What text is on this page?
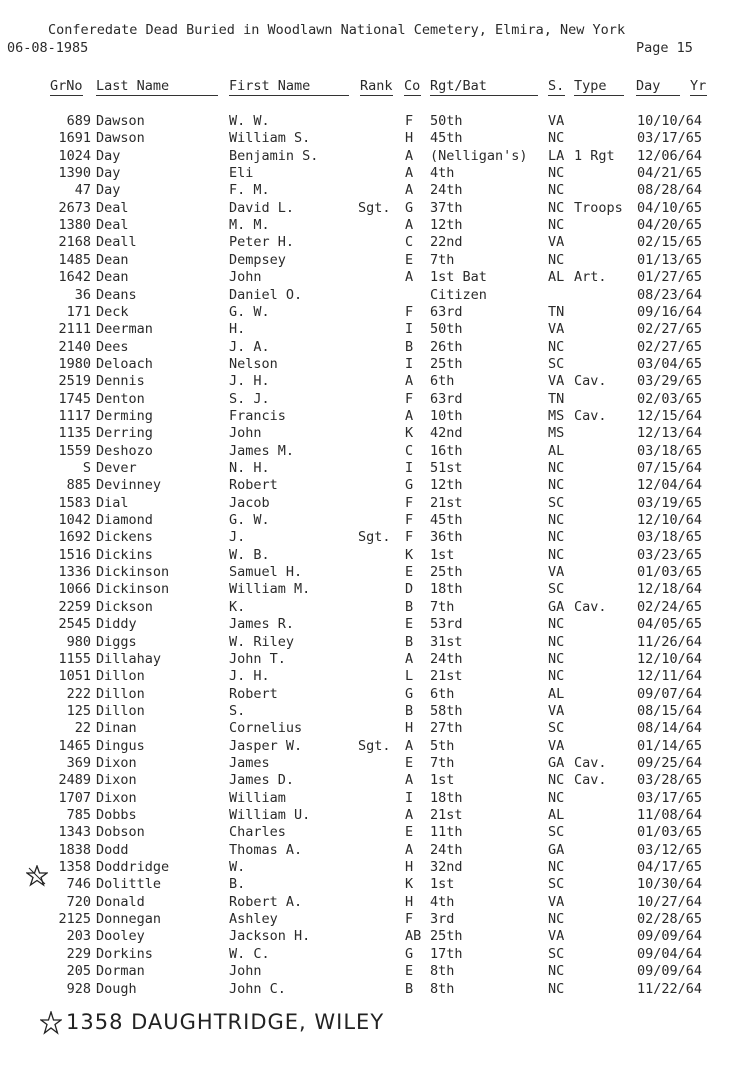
Conferedate Dead Buried in Woodlawn National Cemetery, Elmira, New York
06-08-1985	Page 15
GrNo Last Name	First Name	Rank Co Rgt/Bat	S. Type Day Yr
689 Dawson	W. W.	F 50th	VA	10/10/64
1691 Dawson	William S.	H 45th	NC	03/17/65
1024 Day	Benjamin S.	A (Nelligan's) LA 1 Rgt 12/06/64
1390 Day	Eli	A 4th	NC	04/21/65
47 Day	F. M.	A 24th	NC	08/28/64
2673 Deal	David L.	Sgt. G 37th	NC Troops 04/10/65
1380 Deal	M. M.	A 12th	NC	04/20/65
2168 Deall	Peter H.	C 22nd	VA	02/15/65
1485 Dean	Dempsey	E 7th	NC	01/13/65
1642 Dean	John	A 1st Bat	AL Art. 01/27/65
36 Deans	Daniel O.	Citizen	08/23/64
171 Deck	G. W.	F 63rd	TN	09/16/64
2111 Deerman	H.	I 50th	VA	02/27/65
2140 Dees	J. A.	B 26th	NC	02/27/65
1980 Deloach	Nelson	I 25th	SC	03/04/65
2519 Dennis	J. H.	A 6th	VA Cav. 03/29/65
1745 Denton	S. J.	F 63rd	TN	02/03/65
1117 Derming	Francis	A 10th	MS Cav. 12/15/64
1135 Derring	John	K 42nd	MS	12/13/64
1559 Deshozo	James M.	C 16th	AL	03/18/65
S Dever	N. H.	I 51st	NC	07/15/64
885 Devinney	Robert	G 12th	NC	12/04/64
1583 Dial	Jacob	F 21st	SC	03/19/65
1042 Diamond	G. W.	F 45th	NC	12/10/64
1692 Dickens	J.	Sgt. F 36th	NC	03/18/65
1516 Dickins	W. B.	K 1st	NC	03/23/65
1336 Dickinson	Samuel H.	E 25th	VA	01/03/65
1066 Dickinson	William M.	D 18th	SC	12/18/64
2259 Dickson	K.	B 7th	GA Cav. 02/24/65
2545 Diddy	James R.	E 53rd	NC	04/05/65
980 Diggs	W. Riley	B 31st	NC	11/26/64
1155 Dillahay	John T.	A 24th	NC	12/10/64
1051 Dillon	J. H.	L 21st	NC	12/11/64
222 Dillon	Robert	G 6th	AL	09/07/64
125 Dillon	S.	B 58th	VA	08/15/64
22 Dinan	Cornelius	H 27th	SC	08/14/64
1465 Dingus	Jasper W.	Sgt. A 5th	VA	01/14/65
369 Dixon	James	E 7th	GA Cav. 09/25/64
2489 Dixon	James D.	A 1st	NC Cav. 03/28/65
1707 Dixon	William	I 18th	NC	03/17/65
785 Dobbs	William U.	A 21st	AL	11/08/64
1343 Dobson	Charles	E 11th	SC	01/03/65
1838 Dodd	Thomas A.	A 24th	GA	03/12/65
1358 Doddridge	W.	H 32nd	NC	04/17/65
746 Dolittle	B.	K 1st	SC	10/30/64
720 Donald	Robert A.	H 4th	VA	10/27/64
2125 Donnegan	Ashley	F 3rd	NC	02/28/65
203 Dooley	Jackson H.	AB 25th	VA	09/09/64
229 Dorkins	W. C.	G 17th	SC	09/04/64
205 Dorman	John	E 8th	NC	09/09/64
928 Dough	John C.	B 8th	NC	11/22/64
1358 DAUGHTRIDGE, WILEY
